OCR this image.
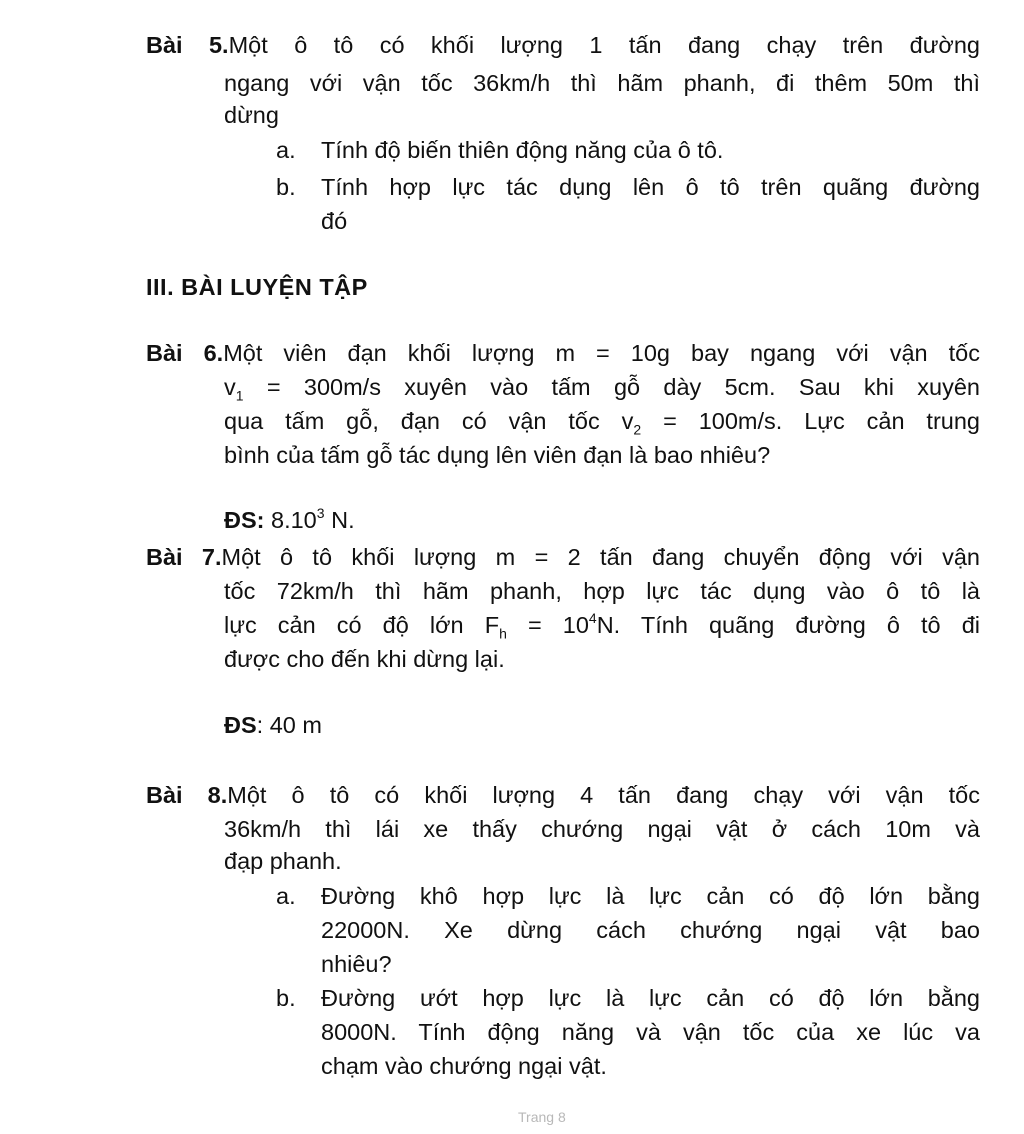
Bài 5.Một ô tô có khối lượng 1 tấn đang chạy trên đường
ngang với vận tốc 36km/h thì hãm phanh, đi thêm 50m thì
dừng
a. Tính độ biến thiên động năng của ô tô.
b. Tính hợp lực tác dụng lên ô tô trên quãng đường
đó
III. BÀI LUYỆN TẬP
Bài 6.Một viên đạn khối lượng m = 10g bay ngang với vận tốc
$v_1 = 300m/s$ xuyên vào tấm gỗ dày 5cm. Sau khi xuyên
qua tấm gỗ, đạn có vận tốc $v_2 = 100m/s$. Lực cản trung
bình của tấm gỗ tác dụng lên viên đạn là bao nhiêu?
ĐS: 8.10$^3$ N.
Bài 7.Một ô tô khối lượng m = 2 tấn đang chuyển động với vận
tốc 72km/h thì hãm phanh, hợp lực tác dụng vào ô tô là
lực cản có độ lớn $F_h = 10^4N$. Tính quãng đường ô tô đi
được cho đến khi dừng lại.
ĐS: 40 m
Bài 8.Một ô tô có khối lượng 4 tấn đang chạy với vận tốc
36km/h thì lái xe thấy chướng ngại vật ở cách 10m và
đạp phanh.
a. Đường khô hợp lực là lực cản có độ lớn bằng
22000N. Xe dừng cách chướng ngại vật bao
nhiêu?
b. Đường ướt hợp lực là lực cản có độ lớn bằng
8000N. Tính động năng và vận tốc của xe lúc va
chạm vào chướng ngại vật.
Trang 8
